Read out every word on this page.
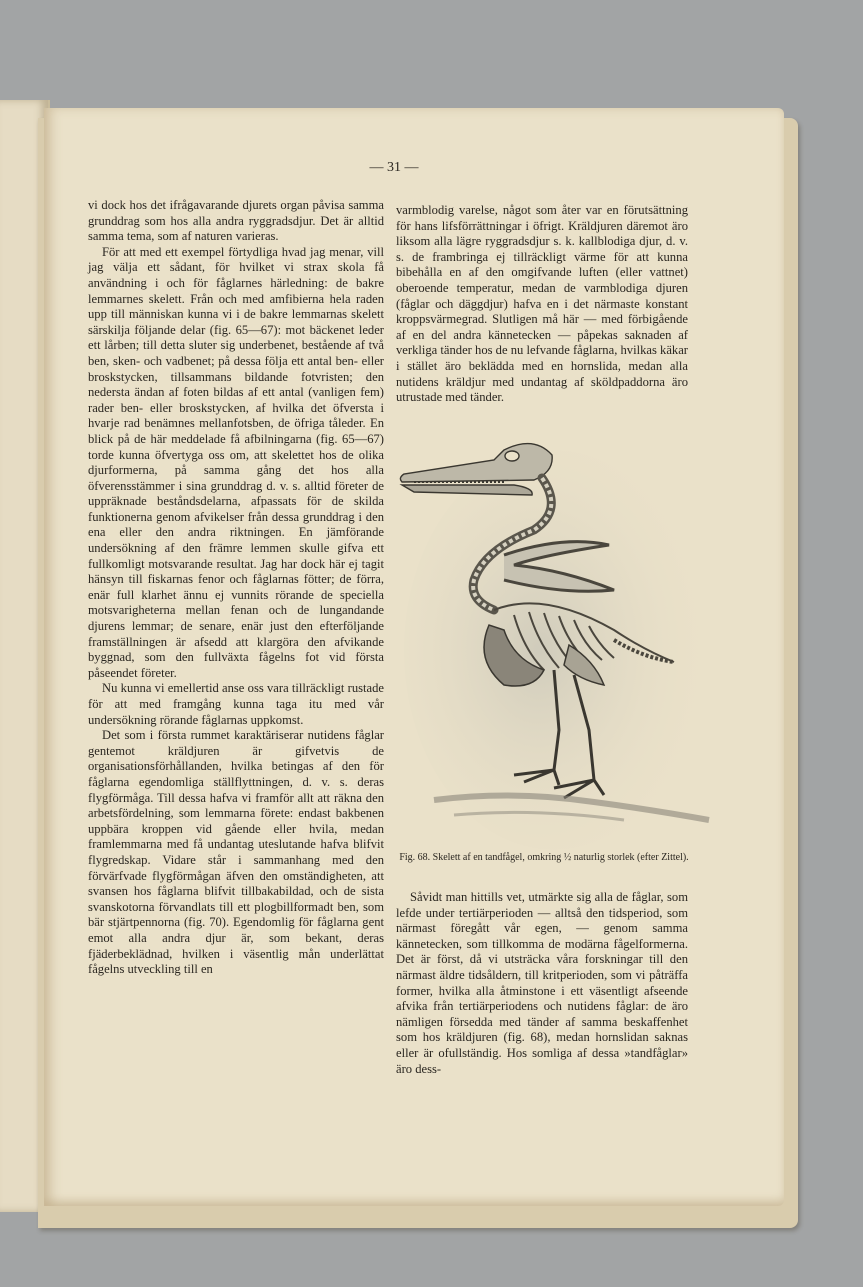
— 31 —

vi dock hos det ifrågavarande djurets organ påvisa samma grunddrag som hos alla andra ryggradsdjur. Det är alltid samma tema, som af naturen varieras.

För att med ett exempel förtydliga hvad jag menar, vill jag välja ett sådant, för hvilket vi strax skola få användning i och för fåglarnes härledning: de bakre lemmarnes skelett. Från och med amfibierna hela raden upp till människan kunna vi i de bakre lemmarnas skelett särskilja följande delar (fig. 65—67): mot bäckenet leder ett lårben; till detta sluter sig underbenet, bestående af två ben, sken- och vadbenet; på dessa följa ett antal ben- eller broskstycken, tillsammans bildande fotvristen; den nedersta ändan af foten bildas af ett antal (vanligen fem) rader ben- eller broskstycken, af hvilka det öfversta i hvarje rad benämnes mellanfotsben, de öfriga tåleder. En blick på de här meddelade få afbilningarna (fig. 65—67) torde kunna öfvertyga oss om, att skelettet hos de olika djurformerna, på samma gång det hos alla öfverensstämmer i sina grunddrag d. v. s. alltid företer de uppräknade beståndsdelarna, afpassats för de skilda funktionerna genom afvikelser från dessa grunddrag i den ena eller den andra riktningen. En jämförande undersökning af den främre lemmen skulle gifva ett fullkomligt motsvarande resultat. Jag har dock här ej tagit hänsyn till fiskarnas fenor och fåglarnas fötter; de förra, enär full klarhet ännu ej vunnits rörande de speciella motsvarigheterna mellan fenan och de lungandande djurens lemmar; de senare, enär just den efterföljande framställningen är afsedd att klargöra den afvikande byggnad, som den fullväxta fågelns fot vid första påseendet företer.

Nu kunna vi emellertid anse oss vara tillräckligt rustade för att med framgång kunna taga itu med vår undersökning rörande fåglarnas uppkomst.

Det som i första rummet karaktäriserar nutidens fåglar gentemot kräldjuren är gifvetvis de organisationsförhållanden, hvilka betingas af den för fåglarna egendomliga ställflyttningen, d. v. s. deras flygförmåga. Till dessa hafva vi framför allt att räkna den arbetsfördelning, som lemmarna förete: endast bakbenen uppbära kroppen vid gående eller hvila, medan framlemmarna med få undantag uteslutande hafva blifvit flygredskap. Vidare står i sammanhang med den förvärfvade flygförmågan äfven den omständigheten, att svansen hos fåglarna blifvit tillbakabildad, och de sista svanskotorna förvandlats till ett plogbillformadt ben, som bär stjärtpennorna (fig. 70). Egendomlig för fåglarna gent emot alla andra djur är, som bekant, deras fjäderbeklädnad, hvilken i väsentlig mån underlättat fågelns utveckling till en

varmblodig varelse, något som åter var en förutsättning för hans lifsförrättningar i öfrigt. Kräldjuren däremot äro liksom alla lägre ryggradsdjur s. k. kallblodiga djur, d. v. s. de frambringa ej tillräckligt värme för att kunna bibehålla en af den omgifvande luften (eller vattnet) oberoende temperatur, medan de varmblodiga djuren (fåglar och däggdjur) hafva en i det närmaste konstant kroppsvärmegrad. Slutligen må här — med förbigående af en del andra kännetecken — påpekas saknaden af verkliga tänder hos de nu lefvande fåglarna, hvilkas käkar i stället äro beklädda med en hornslida, medan alla nutidens kräldjur med undantag af sköldpaddorna äro utrustade med tänder.

Fig. 68. Skelett af en tandfågel, omkring ½ naturlig storlek (efter Zittel).

Såvidt man hittills vet, utmärkte sig alla de fåglar, som lefde under tertiärperioden — alltså den tidsperiod, som närmast föregått vår egen, — genom samma kännetecken, som tillkomma de modärna fågelformerna. Det är först, då vi utsträcka våra forskningar till den närmast äldre tidsåldern, till kritperioden, som vi påträffa former, hvilka alla åtminstone i ett väsentligt afseende afvika från tertiärperiodens och nutidens fåglar: de äro nämligen försedda med tänder af samma beskaffenhet som hos kräldjuren (fig. 68), medan hornslidan saknas eller är ofullständig. Hos somliga af dessa »tandfåglar» äro dess-
